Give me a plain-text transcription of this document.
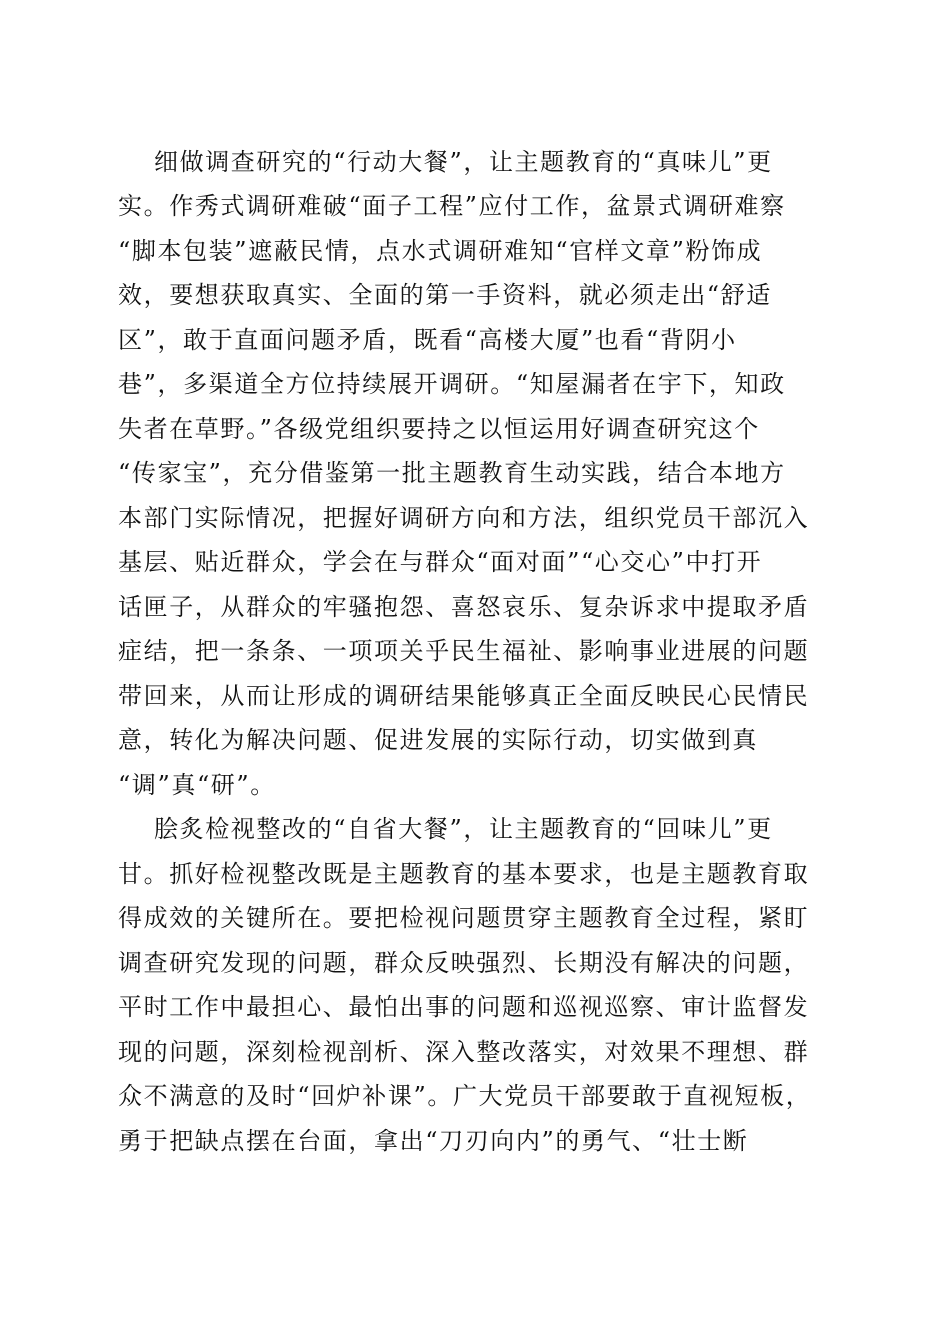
细做调查研究的“行动大餐”，让主题教育的“真味儿”更
实。作秀式调研难破“面子工程”应付工作，盆景式调研难察
“脚本包装”遮蔽民情，点水式调研难知“官样文章”粉饰成
效，要想获取真实、全面的第一手资料，就必须走出“舒适
区”，敢于直面问题矛盾，既看“高楼大厦”也看“背阴小
巷”，多渠道全方位持续展开调研。“知屋漏者在宇下，知政
失者在草野。”各级党组织要持之以恒运用好调查研究这个
“传家宝”，充分借鉴第一批主题教育生动实践，结合本地方
本部门实际情况，把握好调研方向和方法，组织党员干部沉入
基层、贴近群众，学会在与群众“面对面”“心交心”中打开
话匣子，从群众的牢骚抱怨、喜怒哀乐、复杂诉求中提取矛盾
症结，把一条条、一项项关乎民生福祉、影响事业进展的问题
带回来，从而让形成的调研结果能够真正全面反映民心民情民
意，转化为解决问题、促进发展的实际行动，切实做到真
“调”真“研”。
脍炙检视整改的“自省大餐”，让主题教育的“回味儿”更
甘。抓好检视整改既是主题教育的基本要求，也是主题教育取
得成效的关键所在。要把检视问题贯穿主题教育全过程，紧盯
调查研究发现的问题，群众反映强烈、长期没有解决的问题，
平时工作中最担心、最怕出事的问题和巡视巡察、审计监督发
现的问题，深刻检视剖析、深入整改落实，对效果不理想、群
众不满意的及时“回炉补课”。广大党员干部要敢于直视短板，
勇于把缺点摆在台面，拿出“刀刃向内”的勇气、“壮士断
